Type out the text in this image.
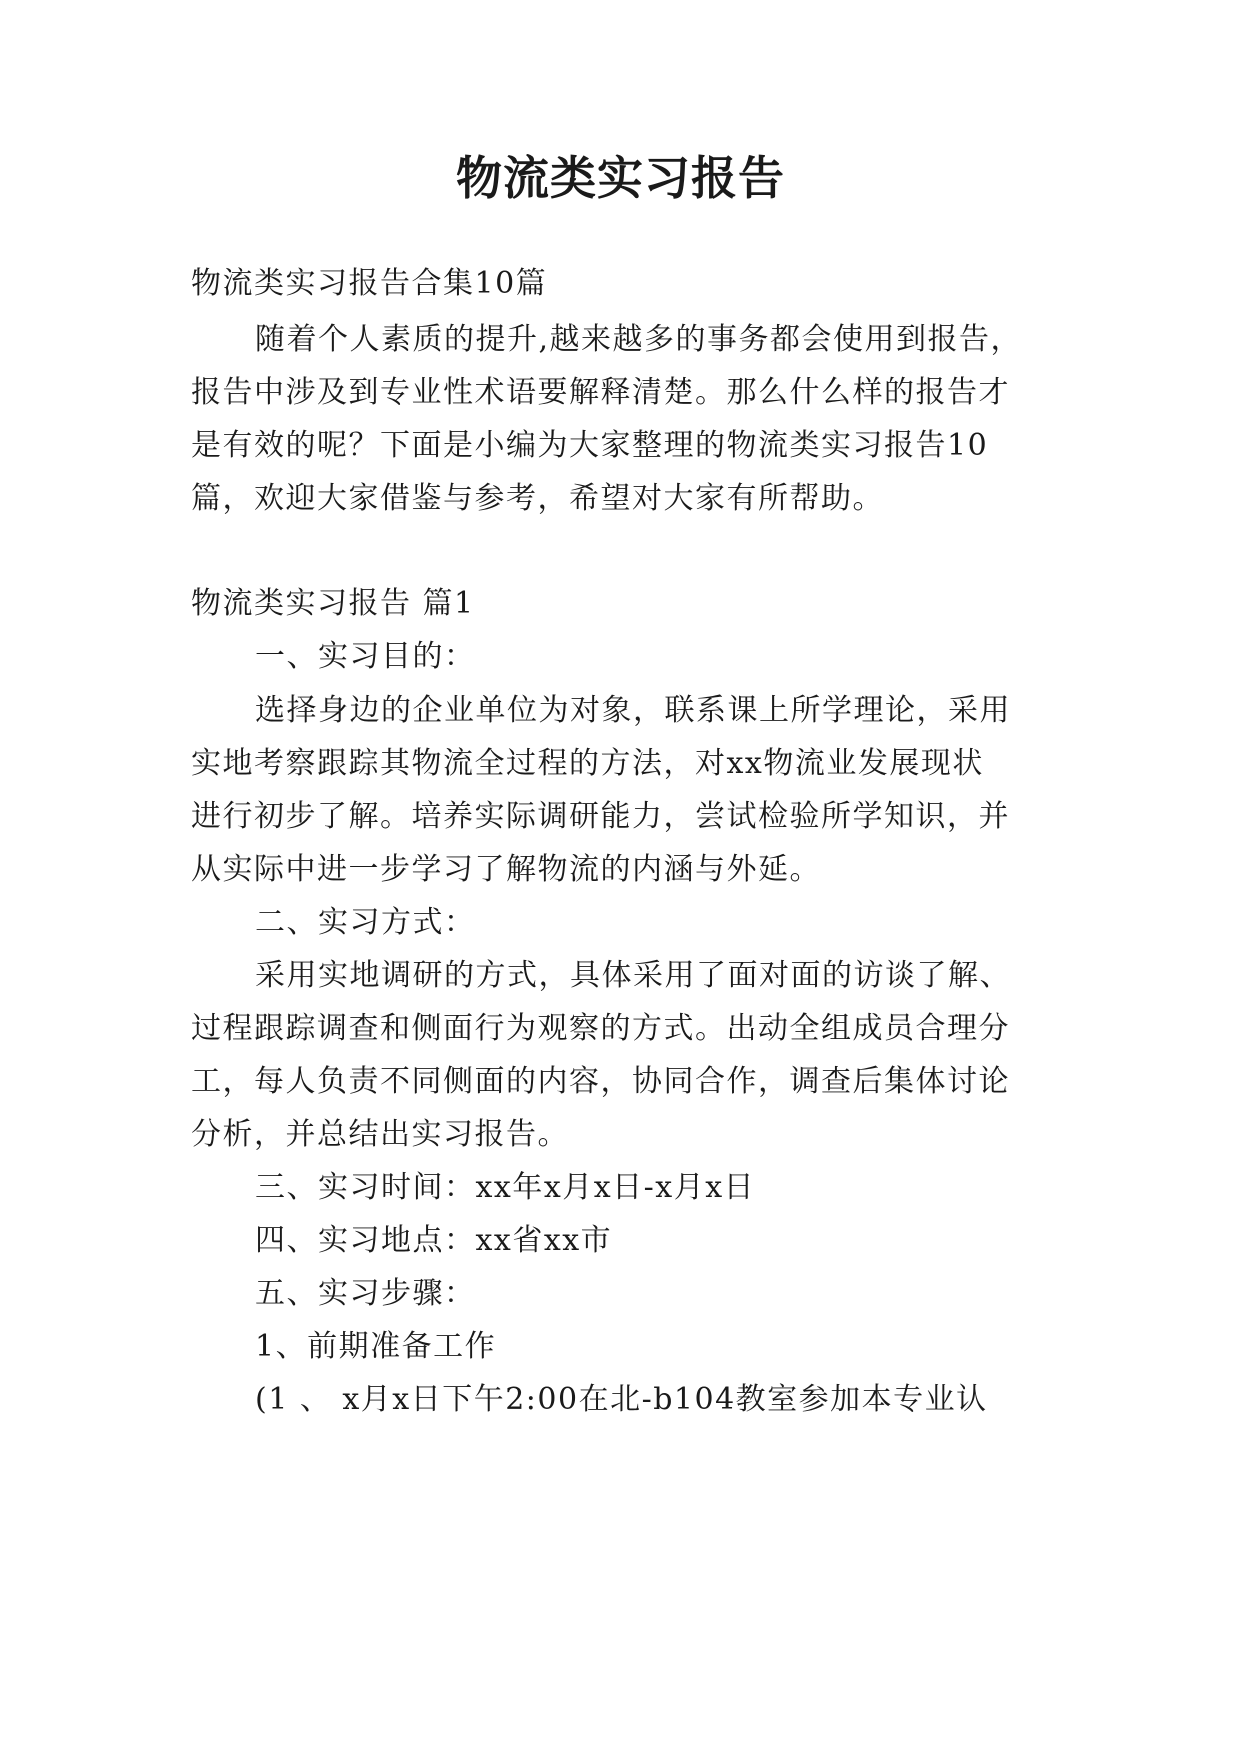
物流类实习报告
物流类实习报告合集10篇
随着个人素质的提升,越来越多的事务都会使用到报告，
报告中涉及到专业性术语要解释清楚。那么什么样的报告才
是有效的呢？下面是小编为大家整理的物流类实习报告10
篇，欢迎大家借鉴与参考，希望对大家有所帮助。
物流类实习报告 篇1
一、实习目的：
选择身边的企业单位为对象，联系课上所学理论，采用
实地考察跟踪其物流全过程的方法，对xx物流业发展现状
进行初步了解。培养实际调研能力，尝试检验所学知识，并
从实际中进一步学习了解物流的内涵与外延。
二、实习方式：
采用实地调研的方式，具体采用了面对面的访谈了解、
过程跟踪调查和侧面行为观察的方式。出动全组成员合理分
工，每人负责不同侧面的内容，协同合作，调查后集体讨论
分析，并总结出实习报告。
三、实习时间：xx年x月x日-x月x日
四、实习地点：xx省xx市
五、实习步骤：
1、前期准备工作
(1 、 x月x日下午2:00在北-b104教室参加本专业认
